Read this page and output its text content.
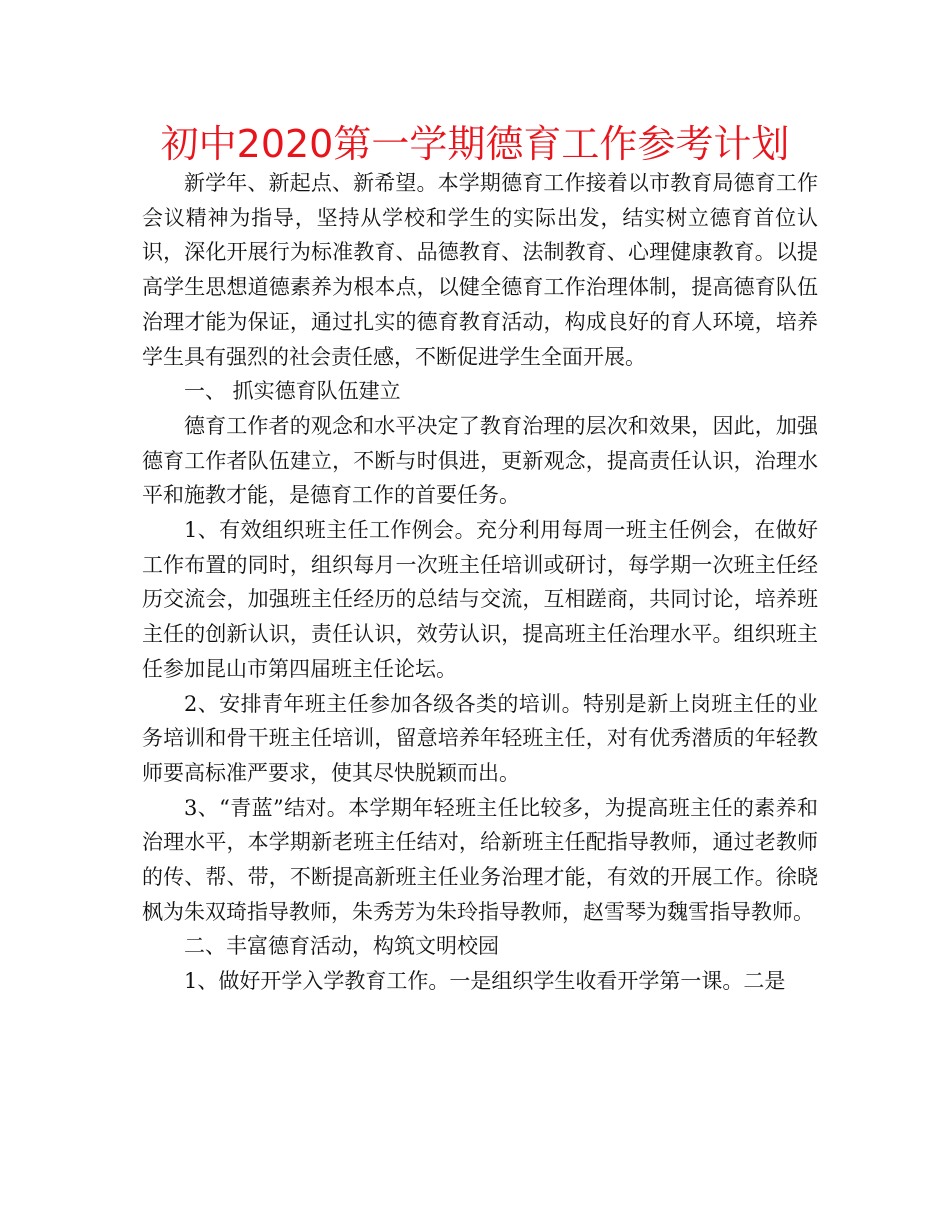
初中2020第一学期德育工作参考计划

新学年、新起点、新希望。本学期德育工作接着以市教育局德育工作会议精神为指导，坚持从学校和学生的实际出发，结实树立德育首位认识，深化开展行为标准教育、品德教育、法制教育、心理健康教育。以提高学生思想道德素养为根本点，以健全德育工作治理体制，提高德育队伍治理才能为保证，通过扎实的德育教育活动，构成良好的育人环境，培养学生具有强烈的社会责任感，不断促进学生全面开展。

一、 抓实德育队伍建立

德育工作者的观念和水平决定了教育治理的层次和效果，因此，加强德育工作者队伍建立，不断与时俱进，更新观念，提高责任认识，治理水平和施教才能，是德育工作的首要任务。

1、有效组织班主任工作例会。充分利用每周一班主任例会，在做好工作布置的同时，组织每月一次班主任培训或研讨，每学期一次班主任经历交流会，加强班主任经历的总结与交流，互相蹉商，共同讨论，培养班主任的创新认识，责任认识，效劳认识，提高班主任治理水平。组织班主任参加昆山市第四届班主任论坛。

2、安排青年班主任参加各级各类的培训。特别是新上岗班主任的业务培训和骨干班主任培训，留意培养年轻班主任，对有优秀潜质的年轻教师要高标准严要求，使其尽快脱颖而出。

3、“青蓝”结对。本学期年轻班主任比较多，为提高班主任的素养和治理水平，本学期新老班主任结对，给新班主任配指导教师，通过老教师的传、帮、带，不断提高新班主任业务治理才能，有效的开展工作。徐晓枫为朱双琦指导教师，朱秀芳为朱玲指导教师，赵雪琴为魏雪指导教师。

二、丰富德育活动，构筑文明校园

1、做好开学入学教育工作。一是组织学生收看开学第一课。二是
